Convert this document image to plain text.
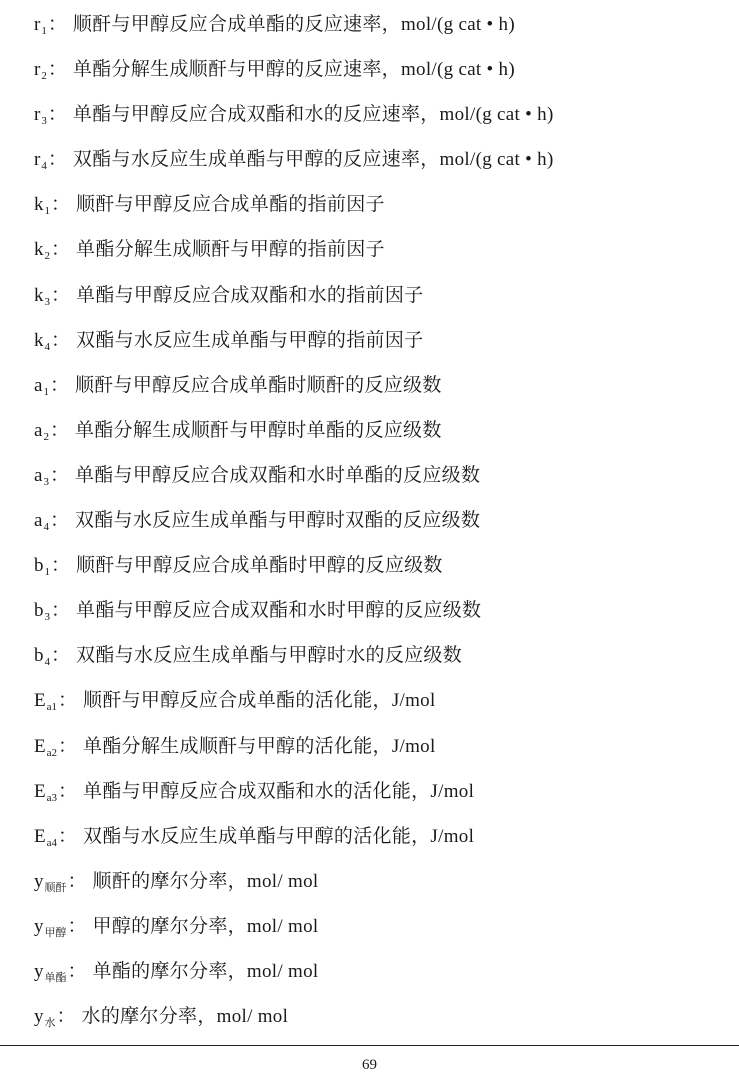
$r_1$： 顺酐与甲醇反应合成单酯的反应速率，mol/(g cat • h)
$r_2$： 单酯分解生成顺酐与甲醇的反应速率，mol/(g cat • h)
$r_3$： 单酯与甲醇反应合成双酯和水的反应速率，mol/(g cat • h)
$r_4$： 双酯与水反应生成单酯与甲醇的反应速率，mol/(g cat • h)
$k_1$： 顺酐与甲醇反应合成单酯的指前因子
$k_2$： 单酯分解生成顺酐与甲醇的指前因子
$k_3$： 单酯与甲醇反应合成双酯和水的指前因子
$k_4$： 双酯与水反应生成单酯与甲醇的指前因子
$a_1$： 顺酐与甲醇反应合成单酯时顺酐的反应级数
$a_2$： 单酯分解生成顺酐与甲醇时单酯的反应级数
$a_3$： 单酯与甲醇反应合成双酯和水时单酯的反应级数
$a_4$： 双酯与水反应生成单酯与甲醇时双酯的反应级数
$b_1$： 顺酐与甲醇反应合成单酯时甲醇的反应级数
$b_3$： 单酯与甲醇反应合成双酯和水时甲醇的反应级数
$b_4$： 双酯与水反应生成单酯与甲醇时水的反应级数
$E_{a1}$： 顺酐与甲醇反应合成单酯的活化能，J/mol
$E_{a2}$： 单酯分解生成顺酐与甲醇的活化能，J/mol
$E_{a3}$： 单酯与甲醇反应合成双酯和水的活化能，J/mol
$E_{a4}$： 双酯与水反应生成单酯与甲醇的活化能，J/mol
$y_{顺酐}$： 顺酐的摩尔分率，mol/ mol
$y_{甲醇}$： 甲醇的摩尔分率，mol/ mol
$y_{单酯}$： 单酯的摩尔分率，mol/ mol
$y_水$： 水的摩尔分率，mol/ mol
69
